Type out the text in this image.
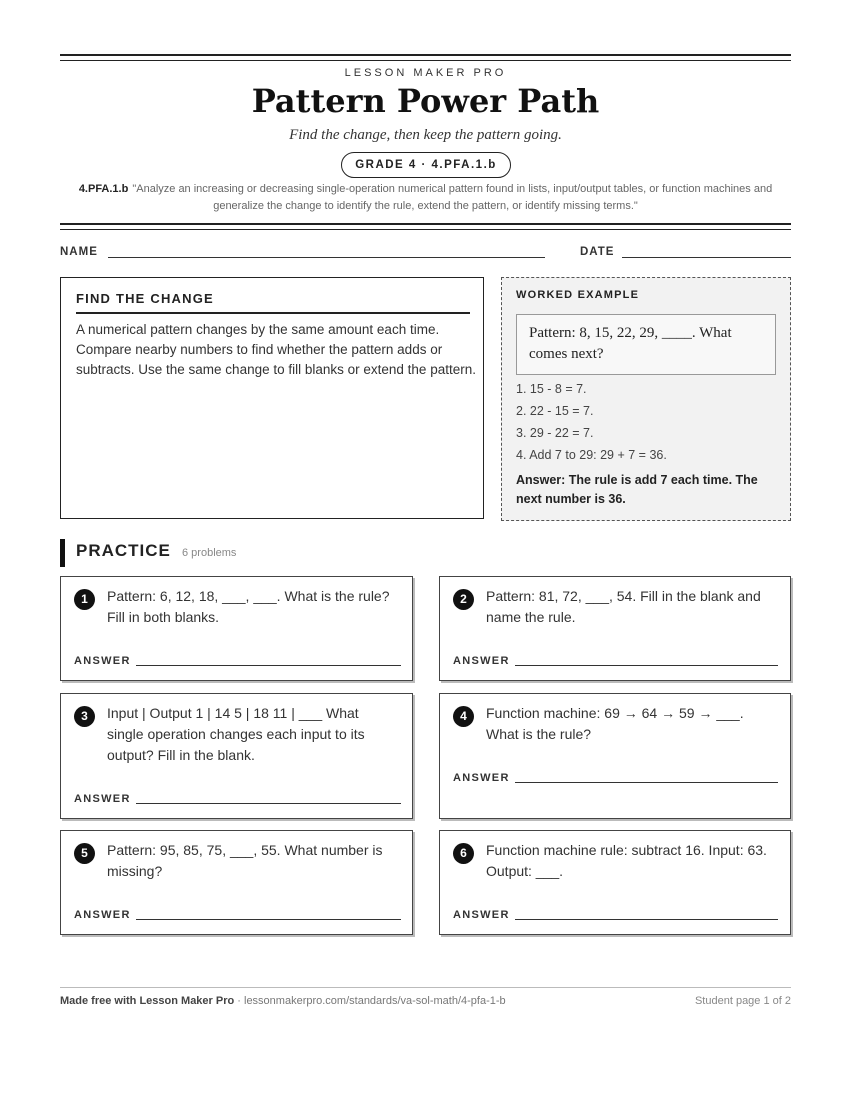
LESSON MAKER PRO
Pattern Power Path
Find the change, then keep the pattern going.
GRADE 4 · 4.PFA.1.b
4.PFA.1.b "Analyze an increasing or decreasing single-operation numerical pattern found in lists, input/output tables, or function machines and generalize the change to identify the rule, extend the pattern, or identify missing terms."
NAME	DATE
FIND THE CHANGE
A numerical pattern changes by the same amount each time. Compare nearby numbers to find whether the pattern adds or subtracts. Use the same change to fill blanks or extend the pattern.
WORKED EXAMPLE
Pattern: 8, 15, 22, 29, ____. What comes next?
1. 15 - 8 = 7.
2. 22 - 15 = 7.
3. 29 - 22 = 7.
4. Add 7 to 29: 29 + 7 = 36.
Answer: The rule is add 7 each time. The next number is 36.
PRACTICE 6 problems
1	Pattern: 6, 12, 18, ___, ___. What is the rule? Fill in both blanks.
ANSWER
2	Pattern: 81, 72, ___, 54. Fill in the blank and name the rule.
ANSWER
3	Input | Output 1 | 14 5 | 18 11 | ___ What single operation changes each input to its output? Fill in the blank.
ANSWER
4	Function machine: 69 → 64 → 59 → ___. What is the rule?
ANSWER
5	Pattern: 95, 85, 75, ___, 55. What number is missing?
ANSWER
6	Function machine rule: subtract 16. Input: 63. Output: ___.
ANSWER
Made free with Lesson Maker Pro · lessonmakerpro.com/standards/va-sol-math/4-pfa-1-b	Student page 1 of 2
